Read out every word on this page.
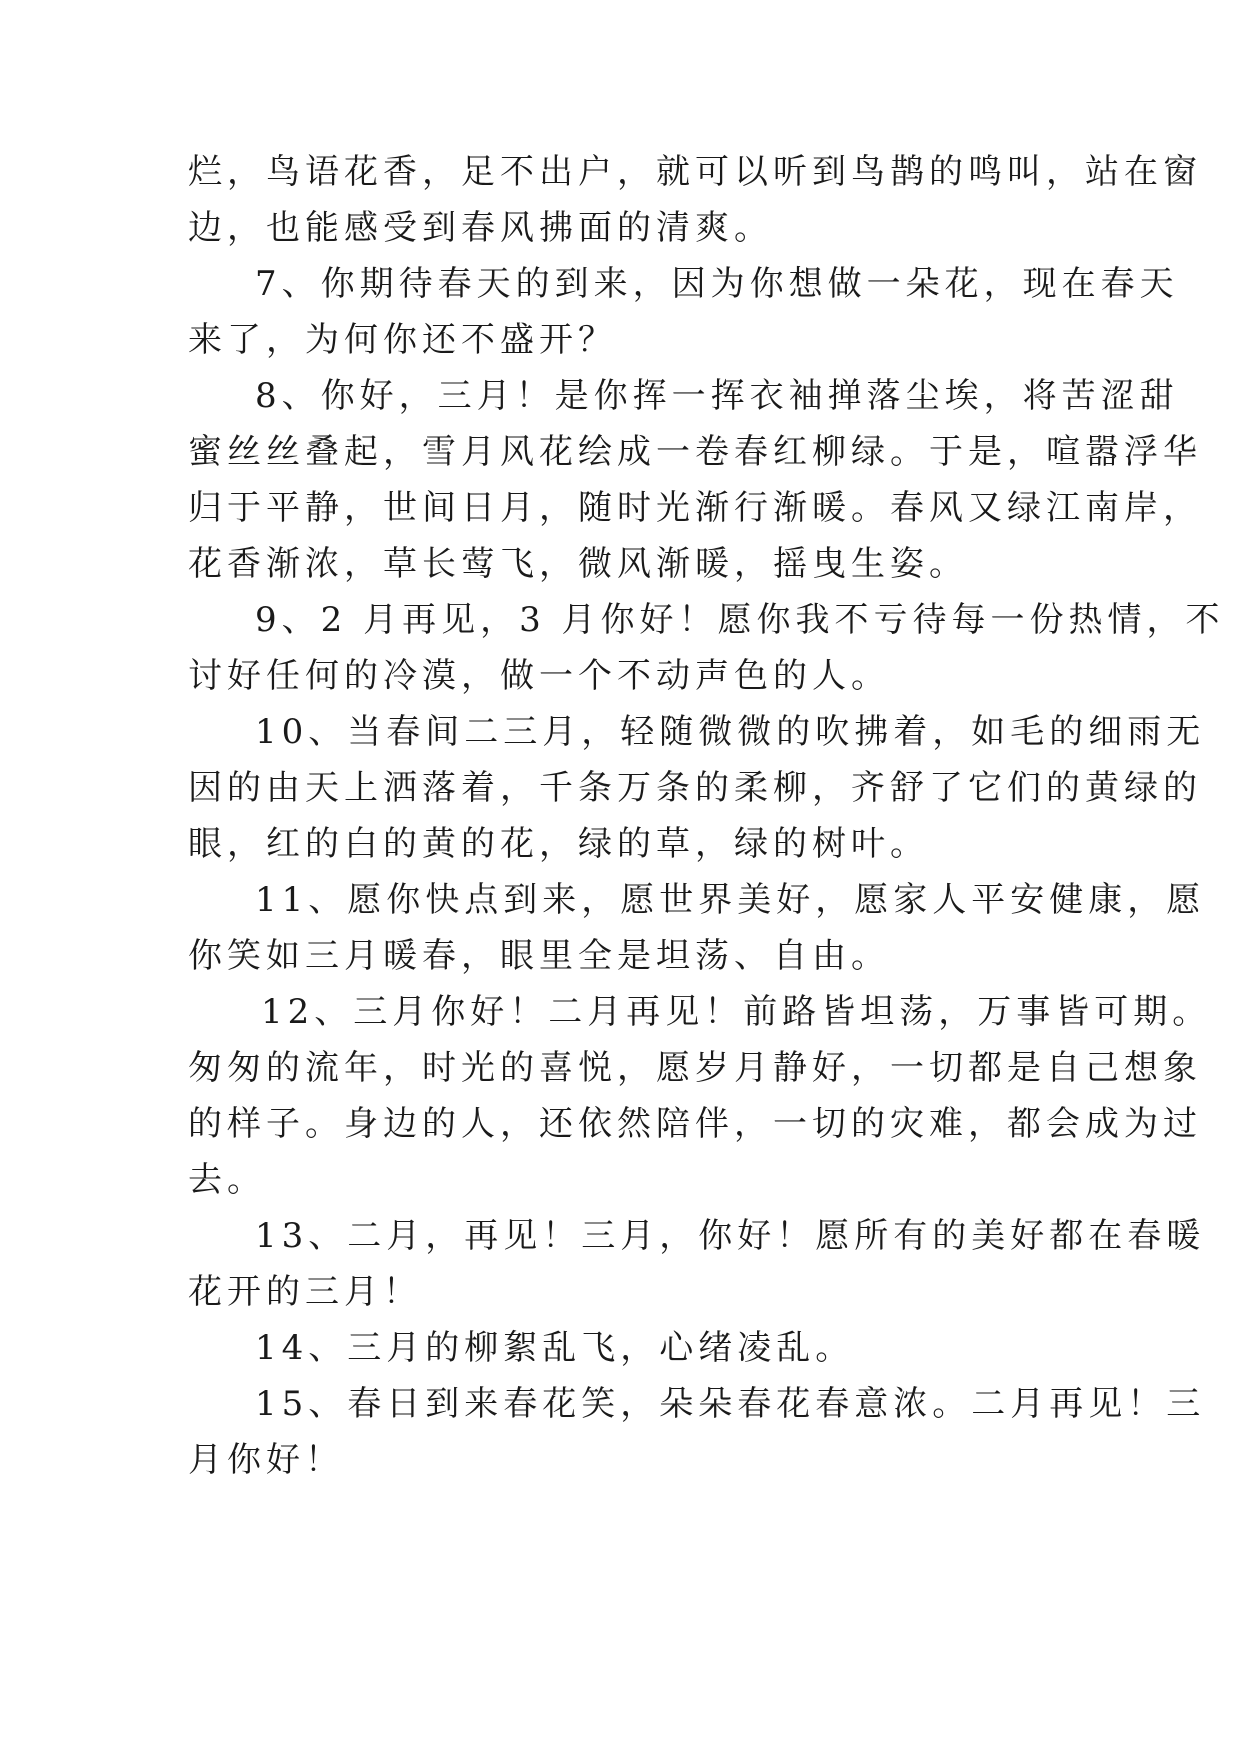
烂，鸟语花香，足不出户，就可以听到鸟鹊的鸣叫，站在窗

边，也能感受到春风拂面的清爽。

7、你期待春天的到来，因为你想做一朵花，现在春天

来了，为何你还不盛开？

8、你好，三月！是你挥一挥衣袖掸落尘埃，将苦涩甜

蜜丝丝叠起，雪月风花绘成一卷春红柳绿。于是，喧嚣浮华

归于平静，世间日月，随时光渐行渐暖。春风又绿江南岸，

花香渐浓，草长莺飞，微风渐暖，摇曳生姿。

9、2 月再见，3 月你好！愿你我不亏待每一份热情，不

讨好任何的冷漠，做一个不动声色的人。

10、当春间二三月，轻随微微的吹拂着，如毛的细雨无

因的由天上洒落着，千条万条的柔柳，齐舒了它们的黄绿的

眼，红的白的黄的花，绿的草，绿的树叶。

11、愿你快点到来，愿世界美好，愿家人平安健康，愿

你笑如三月暖春，眼里全是坦荡、自由。

12、三月你好！二月再见！前路皆坦荡，万事皆可期。

匆匆的流年，时光的喜悦，愿岁月静好，一切都是自己想象

的样子。身边的人，还依然陪伴，一切的灾难，都会成为过

去。

13、二月，再见！三月，你好！愿所有的美好都在春暖

花开的三月！

14、三月的柳絮乱飞，心绪凌乱。

15、春日到来春花笑，朵朵春花春意浓。二月再见！三

月你好！
